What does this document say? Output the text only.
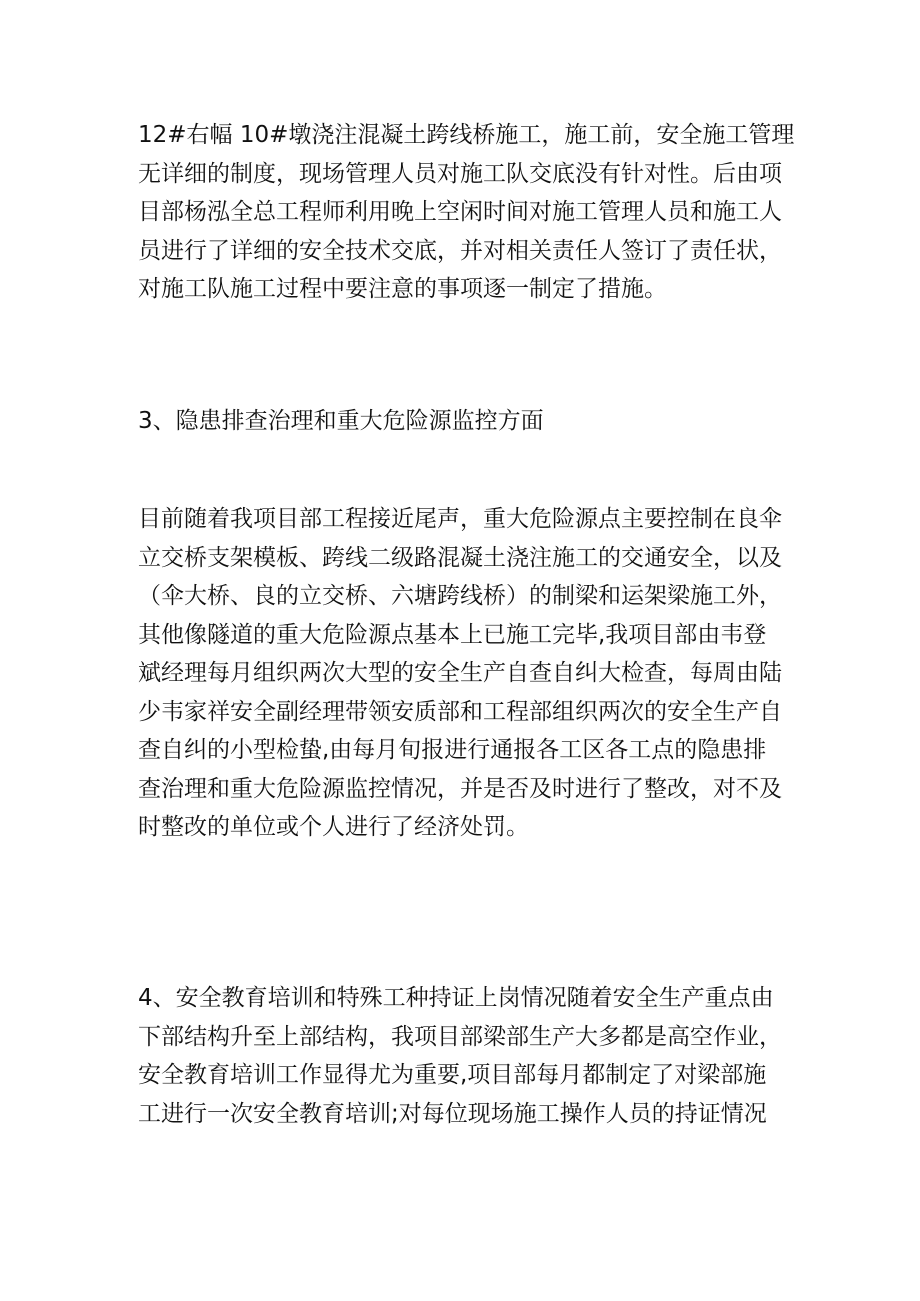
12#右幅 10#墩浇注混凝土跨线桥施工，施工前，安全施工管理
无详细的制度，现场管理人员对施工队交底没有针对性。后由项
目部杨泓全总工程师利用晚上空闲时间对施工管理人员和施工人
员进行了详细的安全技术交底，并对相关责任人签订了责任状，
对施工队施工过程中要注意的事项逐一制定了措施。

3、隐患排查治理和重大危险源监控方面

目前随着我项目部工程接近尾声，重大危险源点主要控制在良伞
立交桥支架模板、跨线二级路混凝土浇注施工的交通安全，以及
（伞大桥、良的立交桥、六塘跨线桥）的制梁和运架梁施工外，
其他像隧道的重大危险源点基本上已施工完毕,我项目部由韦登
斌经理每月组织两次大型的安全生产自查自纠大检查，每周由陆
少韦家祥安全副经理带领安质部和工程部组织两次的安全生产自
查自纠的小型检蛰,由每月旬报进行通报各工区各工点的隐患排
查治理和重大危险源监控情况，并是否及时进行了整改，对不及
时整改的单位或个人进行了经济处罚。

4、安全教育培训和特殊工种持证上岗情况随着安全生产重点由
下部结构升至上部结构，我项目部梁部生产大多都是高空作业，
安全教育培训工作显得尤为重要,项目部每月都制定了对梁部施
工进行一次安全教育培训;对每位现场施工操作人员的持证情况
